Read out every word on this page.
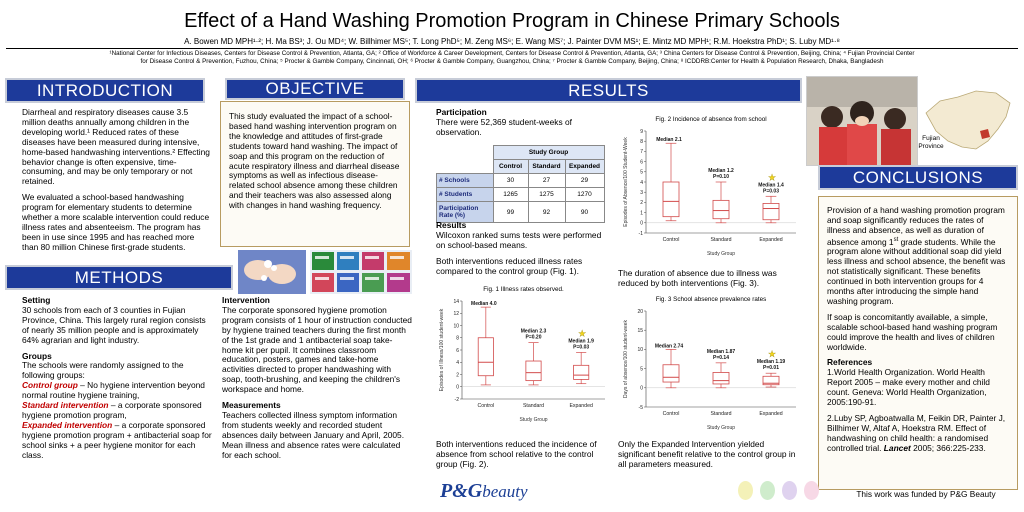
Effect of a Hand Washing Promotion Program in Chinese Primary Schools
A. Bowen MD MPH¹·²; H. Ma BS³; J. Ou MD⁴; W. Billhimer MS⁵; T. Long PhD⁵; M. Zeng MS⁶; E. Wang MS⁷; J. Painter DVM MS¹; E. Mintz MD MPH¹; R.M. Hoekstra PhD¹; S. Luby MD¹·⁸
¹National Center for Infectious Diseases, Centers for Disease Control & Prevention, Atlanta, GA; ² Office of Workforce & Career Development, Centers for Disease Control & Prevention, Atlanta, GA; ³ China Centers for Disease Control & Prevention, Beijing, China; ⁴ Fujian Provincial Center
for Disease Control & Prevention, Fuzhou, China; ⁵ Procter & Gamble Company, Cincinnati, OH; ⁶ Procter & Gamble Company, Guangzhou, China; ⁷ Procter & Gamble Company, Beijing, China; ⁸ ICDDRB:Center for Health & Population Research, Dhaka, Bangladesh
INTRODUCTION

Diarrheal and respiratory diseases cause 3.5 million deaths annually among children in the developing world.¹ Reduced rates of these diseases have been measured during intensive, home-based handwashing interventions.² Effecting behavior change is often expensive, time-consuming, and may be only temporary or not retained.

We evaluated a school-based handwashing program for elementary students to determine whether a more scalable intervention could reduce illness rates and absenteeism. The program has been in use since 1995 and has reached more than 80 million Chinese first-grade students.

OBJECTIVE
This study evaluated the impact of a school-based hand washing intervention program on the knowledge and attitudes of first-grade students toward hand washing. The impact of soap and this program on the reduction of acute respiratory illness and diarrheal disease symptoms as well as infectious disease-related school absence among these children and their teachers was also assessed along with changes in hand washing frequency.
METHODS
Setting

30 schools from each of 3 counties in Fujian Province, China. This largely rural region consists of nearly 35 million people and is approximately 64% agrarian and light industry.

Groups
The schools were randomly assigned to the following groups:
Control group – No hygiene intervention beyond normal routine hygiene training,
Standard intervention – a corporate sponsored hygiene promotion program,
Expanded intervention – a corporate sponsored hygiene promotion program + antibacterial soap for school sinks + a peer hygiene monitor for each class.
Intervention

The corporate sponsored hygiene promotion program consists of 1 hour of instruction conducted by hygiene trained teachers during the first month of the 1st grade and 1 antibacterial soap take-home kit per pupil. It combines classroom education, posters, games and take-home activities directed to proper handwashing with soap, tooth-brushing, and keeping the children's workspace and home.

Measurements

Teachers collected illness symptom information from students weekly and recorded student absences daily between January and April, 2005. Mean illness and absence rates were calculated for each school.

RESULTS
Participation
There were 52,369 student-weeks of observation.
	Study Group		
	Control	Standard	Expanded
# Schools	30	27	29
# Students	1265	1275	1270
Participation Rate (%)	99	92	90
Results

Wilcoxon ranked sums tests were performed on school-based means.

Both interventions reduced illness rates compared to the control group (Fig. 1).

Fig. 1 Illness rates observed.
Episodes of Illness/100 student-week
-2
0
2
4
6
8
10
12
14
Control
Median 4.0
Standard
Median 2.3
P=0.20
Expanded
Median 1.9
P=0.03
★
Study Group

Both interventions reduced the incidence of absence from school relative to the control group (Fig. 2).

Fig. 2 Incidence of absence from school
Episodes of Absence/100 Student-Week
-1
0
1
2
3
4
5
6
7
8
9
Control
Median 2.1
Standard
Median 1.2
P=0.10
Expanded
Median 1.4
P=0.03
★
Study Group

The duration of absence due to illness was reduced by both interventions (Fig. 3).

Fig. 3 School absence prevalence rates
Days of absence/100 student-week
-5
0
5
10
15
20
Control
Median 2.74
Standard
Median 1.87
P=0.14
Expanded
Median 1.19
P=0.01
★
Study Group

Only the Expanded Intervention yielded significant benefit relative to the control group in all parameters measured.

Fujian
Province
CONCLUSIONS

Provision of a hand washing promotion program and soap significantly reduces the rates of illness and absence, as well as duration of absence among 1st grade students. While the program alone without additional soap did yield less illness and school absence, the benefit was not statistically significant. These benefits continued in both intervention groups for 4 months after introducing the simple hand washing program.

If soap is concomitantly available, a simple, scalable school-based hand washing program could improve the health and lives of children worldwide.

References

1.World Health Organization. World Health Report 2005 – make every mother and child count. Geneva: World Health Organization, 2005:190-91.

2.Luby SP, Agboatwalla M, Feikin DR, Painter J, Billhimer W, Altaf A, Hoekstra RM. Effect of handwashing on child health: a randomised controlled trial. Lancet 2005; 366:225-233.

P&Gbeauty	This work was funded by P&G Beauty
